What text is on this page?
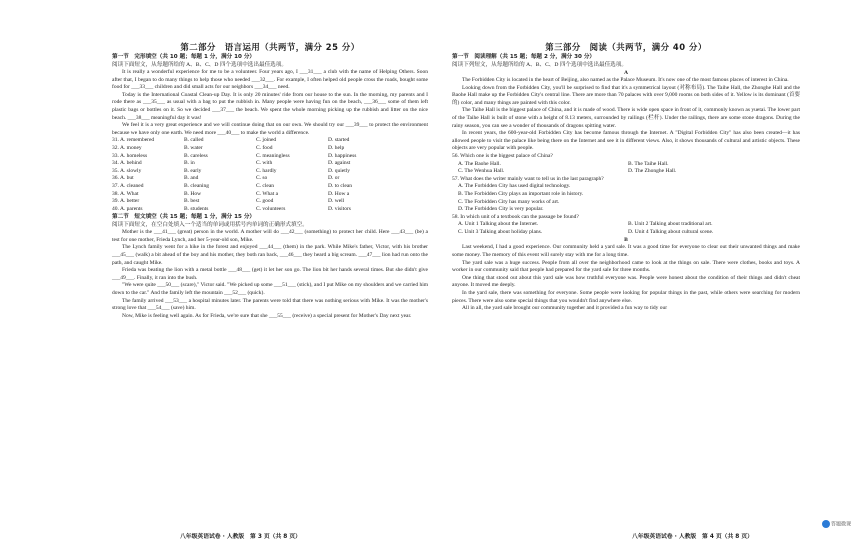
第二部分　语言运用（共两节，满分 25 分）
第一节　完形填空（共 10 题；每题 1 分，满分 10 分）
阅读下面短文，从每题所给的 A、B、C、D 四个选项中选出最佳选项。
It is really a wonderful experience for me to be a volunteer. Four years ago, I ___31___ a club with the name of Helping Others. Soon after that, I began to do many things to help those who needed ___32___. For example, I often helped old people cross the roads, bought some food for ___33___ children and did small acts for our neighbors ___34___ need.
Today is the International Coastal Clean-up Day. It is only 20 minutes' ride from our house to the sun. In the morning, my parents and I rode there as ___35___ as usual with a bag to put the rubbish in. Many people were having fun on the beach, ___36___ some of them left plastic bags or bottles on it. So we decided ___37___ the beach. We spent the whole morning picking up the rubbish and litter on the nice beach. ___38___ meaningful day it was!
We feel it is a very great experience and we will continue doing that on our own. We should try our ___39___ to protect the environment because we have only one earth. We need more ___40___ to make the world a difference.
31. A. remembered	B. called	C. joined	D. started
32. A. money	B. water	C. food	D. help
33. A. homeless	B. careless	C. meaningless	D. happiness
34. A. behind	B. in	C. with	D. against
35. A. slowly	B. early	C. hardly	D. quietly
36. A. but	B. and	C. so	D. or
37. A. cleaned	B. cleaning	C. clean	D. to clean
38. A. What	B. How	C. What a	D. How a
39. A. better	B. best	C. good	D. well
40. A. parents	B. students	C. volunteers	D. visitors
第二节　短文填空（共 15 题；每题 1 分，满分 15 分）
阅读下面短文，在空白处填入一个适当的单词或用括号内单词的正确形式填空。
Mother is the ___41___ (great) person in the world. A mother will do ___42___ (something) to protect her child. Here ___43___ (be) a test for one mother, Frieda Lynch, and her 5-year-old son, Mike.
The Lynch family went for a hike in the forest and enjoyed ___44___ (them) in the park. While Mike's father, Victor, with his brother ___45___ (walk) a bit ahead of the boy and his mother, they both ran back, ___46___ they heard a big scream. ___47___ lion had run onto the path, and caught Mike.
Frieda was beating the lion with a metal bottle ___48___ (get) it let her son go. The lion bit her hands several times. But she didn't give ___49___. Finally, it ran into the bush.
"We were quite ___50___ (scare)," Victor said. "We picked up some ___51___ (stick), and I put Mike on my shoulders and we carried him down to the car." And the family left the mountain ___52___ (quick).
The family arrived ___53___ a hospital minutes later. The parents were told that there was nothing serious with Mike. It was the mother's strong love that ___54___ (save) him.
Now, Mike is feeling well again. As for Frieda, we're sure that she ___55___ (receive) a special present for Mother's Day next year.
八年级英语试卷 · 人教版　第 3 页（共 8 页）
第三部分　阅读（共两节，满分 40 分）
第一节　阅读理解（共 15 题；每题 2 分，满分 30 分）
阅读下列短文，从每题所给的 A、B、C、D 四个选项中选出最佳选项。
A
The Forbidden City is located in the heart of Beijing, also named as the Palace Museum. It's now one of the most famous places of interest in China.
Looking down from the Forbidden City, you'll be surprised to find that it's a symmetrical layout (对称布局). The Taihe Hall, the Zhonghe Hall and the Baohe Hall make up the Forbidden City's central line. There are more than 70 palaces with over 9,000 rooms on both sides of it. Yellow is its dominant (首要的) color, and many things are painted with this color.
The Taihe Hall is the biggest palace of China, and it is made of wood. There is wide open space in front of it, commonly known as yuetai. The lower part of the Taihe Hall is built of stone with a height of 8.13 meters, surrounded by railings (栏杆). Under the railings, there are some stone dragons. During the rainy season, you can see a wonder of thousands of dragons spitting water.
In recent years, the 600-year-old Forbidden City has become famous through the Internet. A "Digital Forbidden City" has also been created—it has allowed people to visit the palace like being there on the Internet and see it in different views. Also, it shows thousands of cultural and artistic objects. These objects are very popular with people.
56. Which one is the biggest palace of China?
A. The Baohe Hall.	B. The Taihe Hall.
C. The Wenhua Hall.	D. The Zhonghe Hall.
57. What does the writer mainly want to tell us in the last paragraph?
A. The Forbidden City has used digital technology.
B. The Forbidden City plays an important role in history.
C. The Forbidden City has many works of art.
D. The Forbidden City is very popular.
58. In which unit of a textbook can the passage be found?
A. Unit 1 Talking about the Internet.	B. Unit 2 Talking about traditional art.
C. Unit 3 Talking about holiday plans.	D. Unit 4 Talking about cultural scene.
B
Last weekend, I had a good experience. Our community held a yard sale. It was a good time for everyone to clear out their unwanted things and make some money. The memory of this event will surely stay with me for a long time.
The yard sale was a huge success. People from all over the neighborhood came to look at the things on sale. There were clothes, books and toys. A worker in our community said that people had prepared for the yard sale for three months.
One thing that stood out about this yard sale was how truthful everyone was. People were honest about the condition of their things and didn't cheat anyone. It moved me deeply.
In the yard sale, there was something for everyone. Some people were looking for popular things in the past, while others were searching for modern pieces. There were also some special things that you wouldn't find anywhere else.
All in all, the yard sale brought our community together and it provided a fun way to tidy our
八年级英语试卷 · 人教版　第 4 页（共 8 页）
答题微课
